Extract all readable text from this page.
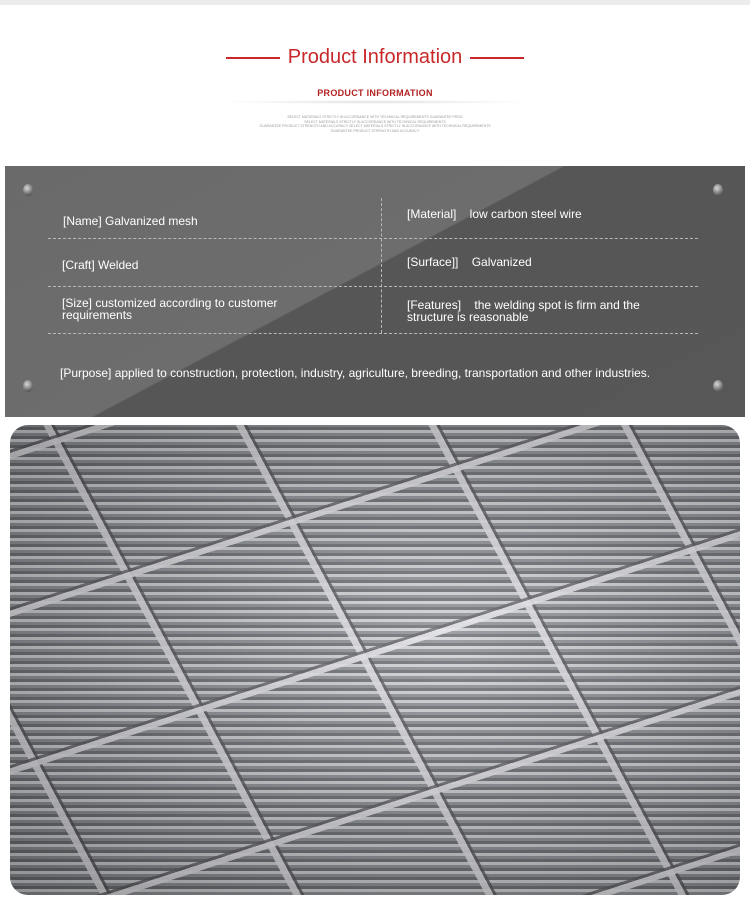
Product Information
PRODUCT INFORMATION
SELECT MATERIALS STRICTLY IN ACCORDANCE WITH TECHNICAL REQUIREMENTS GUARANTEE PROD
SELECT MATERIALS STRICTLY IN ACCORDANCE WITH TECHNICAL REQUIREMENTS
GUARANTEE PRODUCT STRENGTH AND ACCURACY SELECT MATERIALS STRICTLY IN ACCORDANCE WITH TECHNICAL REQUIREMENTS
GUARANTEE PRODUCT STRENGTH AND ACCURACY
[Name] Galvanized mesh	[Material]    low carbon steel wire
[Craft] Welded	[Surface]]    Galvanized
[Size] customized according to customer requirements
[Features]    the welding spot is firm and the structure is reasonable
[Purpose] applied to construction, protection, industry, agriculture, breeding, transportation and other industries.
